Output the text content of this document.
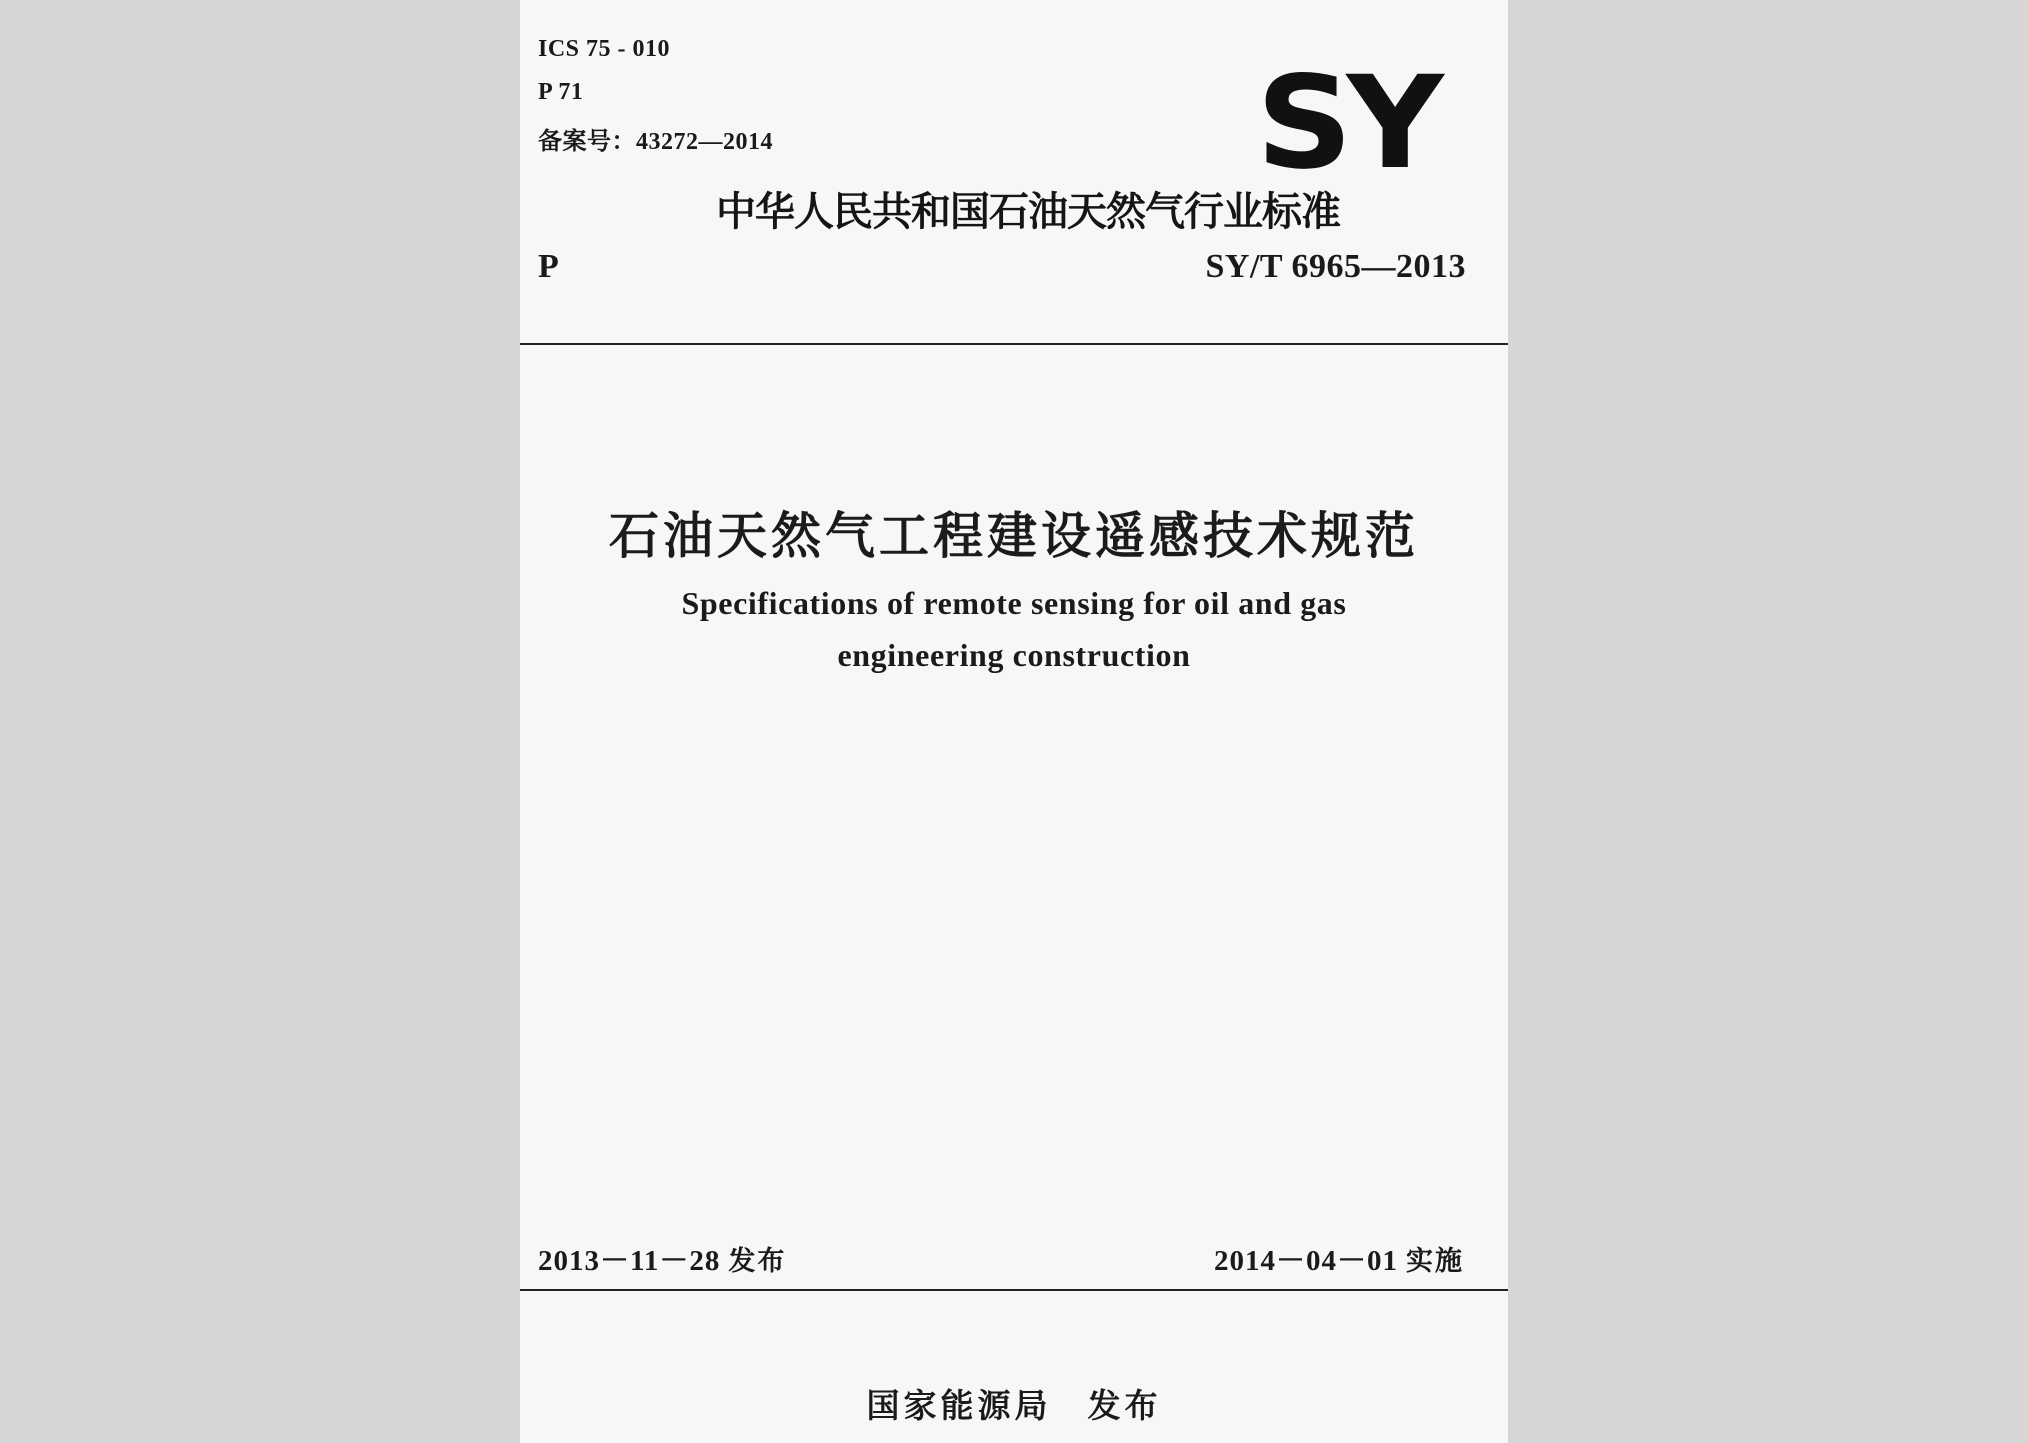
ICS 75 - 010
P 71
备案号：43272—2014	SY
中华人民共和国石油天然气行业标准
P	SY/T 6965—2013
石油天然气工程建设遥感技术规范
Specifications of remote sensing for oil and gas
engineering construction
2013－11－28 发布	2014－04－01 实施
国家能源局 发布
